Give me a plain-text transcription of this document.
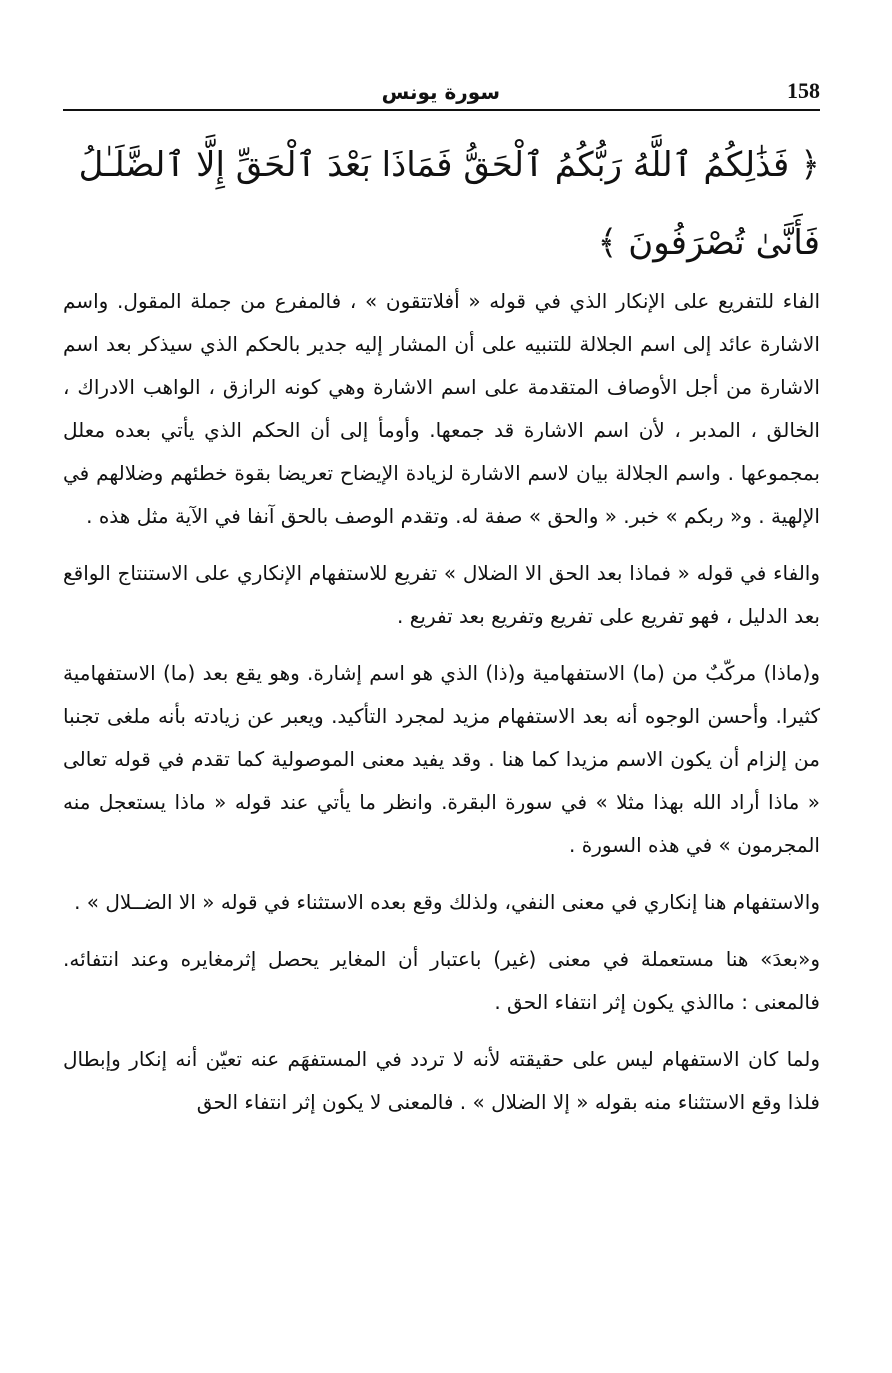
158
سورة يونس
﴿ فَذَٰلِكُمُ ٱللَّهُ رَبُّكُمُ ٱلْحَقُّ فَمَاذَا بَعْدَ ٱلْحَقِّ إِلَّا ٱلضَّلَـٰلُ فَأَنَّىٰ تُصْرَفُونَ ﴾

الفاء للتفريع على الإنكار الذي في قوله « أفلاتتقون » ، فالمفرع من جملة المقول. واسم الاشارة عائد إلى اسم الجلالة للتنبيه على أن المشار إليه جدير بالحكم الذي سيذكر بعد اسم الاشارة من أجل الأوصاف المتقدمة على اسم الاشارة وهي كونه الرازق ، الواهب الادراك ، الخالق ، المدبر ، لأن اسم الاشارة قد جمعها. وأومأ إلى أن الحكم الذي يأتي بعده معلل بمجموعها . واسم الجلالة بيان لاسم الاشارة لزيادة الإيضاح تعريضا بقوة خطئهم وضلالهم في الإلهية . و« ربكم » خبر. « والحق » صفة له. وتقدم الوصف بالحق آنفا في الآية مثل هذه .

والفاء في قوله « فماذا بعد الحق الا الضلال » تفريع للاستفهام الإنكاري على الاستنتاج الواقع بعد الدليل ، فهو تفريع على تفريع وتفريع بعد تفريع .

و(ماذا) مركّبٌ من (ما) الاستفهامية و(ذا) الذي هو اسم إشارة. وهو يقع بعد (ما) الاستفهامية كثيرا. وأحسن الوجوه أنه بعد الاستفهام مزيد لمجرد التأكيد. ويعبر عن زيادته بأنه ملغى تجنبا من إلزام أن يكون الاسم مزيدا كما هنا . وقد يفيد معنى الموصولية كما تقدم في قوله تعالى « ماذا أراد الله بهذا مثلا » في سورة البقرة. وانظر ما يأتي عند قوله « ماذا يستعجل منه المجرمون » في هذه السورة .

والاستفهام هنا إنكاري في معنى النفي، ولذلك وقع بعده الاستثناء في قوله « الا الضــلال » .

و«بعدَ» هنا مستعملة في معنى (غير) باعتبار أن المغاير يحصل إثرمغايره وعند انتفائه. فالمعنى : ماالذي يكون إثر انتفاء الحق .

ولما كان الاستفهام ليس على حقيقته لأنه لا تردد في المستفهَم عنه تعيّن أنه إنكار وإبطال فلذا وقع الاستثناء منه بقوله « إلا الضلال » . فالمعنى لا يكون إثر انتفاء الحق
